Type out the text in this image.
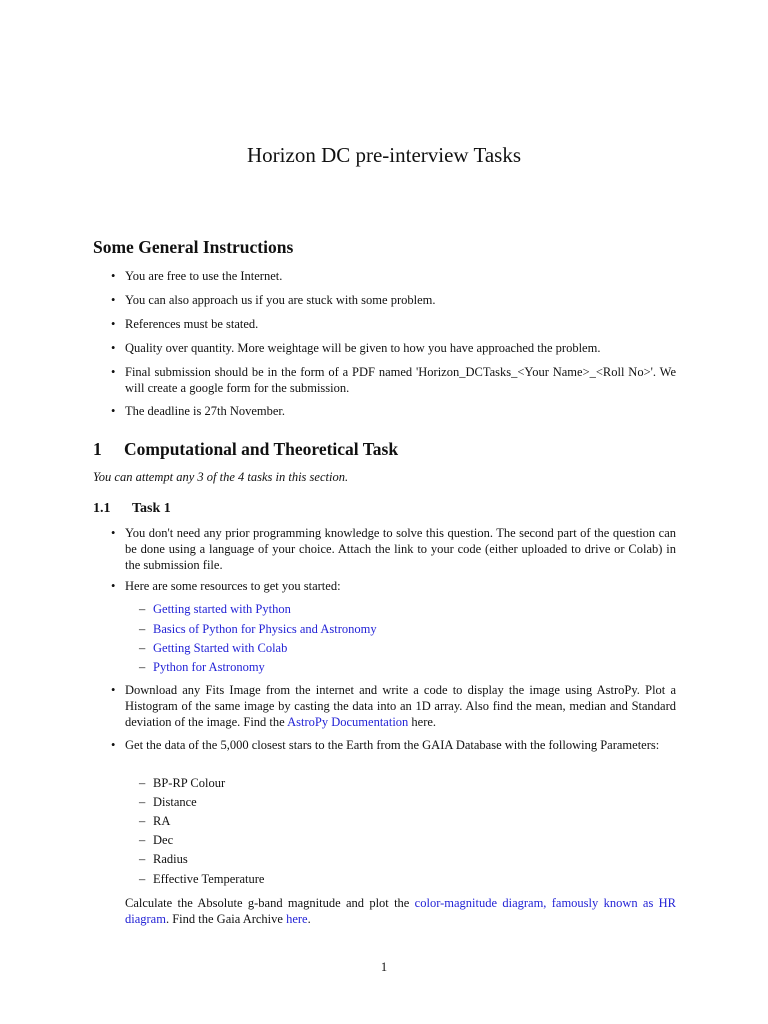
Horizon DC pre-interview Tasks
Some General Instructions
• You are free to use the Internet.
• You can also approach us if you are stuck with some problem.
• References must be stated.
• Quality over quantity. More weightage will be given to how you have approached the problem.
• Final submission should be in the form of a PDF named 'Horizon_DCTasks_<Your Name>_<Roll No>'. We will create a google form for the submission.
• The deadline is 27th November.
1 Computational and Theoretical Task
You can attempt any 3 of the 4 tasks in this section.
1.1 Task 1
• You don't need any prior programming knowledge to solve this question. The second part of the question can be done using a language of your choice. Attach the link to your code (either uploaded to drive or Colab) in the submission file.
• Here are some resources to get you started:
– Getting started with Python
– Basics of Python for Physics and Astronomy
– Getting Started with Colab
– Python for Astronomy
• Download any Fits Image from the internet and write a code to display the image using AstroPy. Plot a Histogram of the same image by casting the data into an 1D array. Also find the mean, median and Standard deviation of the image. Find the AstroPy Documentation here.
• Get the data of the 5,000 closest stars to the Earth from the GAIA Database with the following Parameters:
– BP-RP Colour
– Distance
– RA
– Dec
– Radius
– Effective Temperature
Calculate the Absolute g-band magnitude and plot the color-magnitude diagram, famously known as HR diagram. Find the Gaia Archive here.
1
